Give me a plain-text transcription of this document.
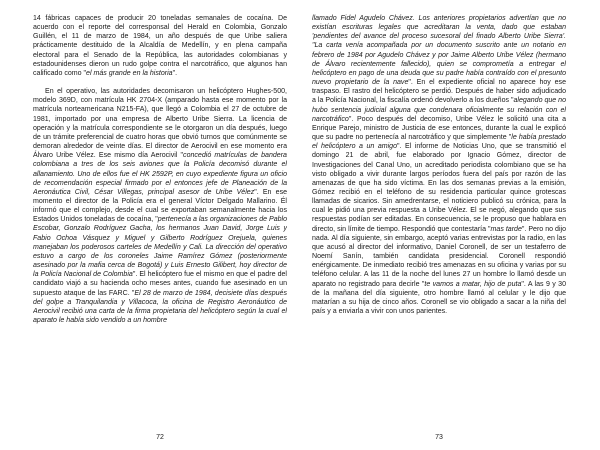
14 fábricas capaces de producir 20 toneladas semanales de cocaína. De acuerdo con el reporte del corresponsal del Herald en Colombia, Gonzalo Guillén, el 11 de marzo de 1984, un año después de que Uribe saliera prácticamente destituido de la Alcaldía de Medellín, y en plena campaña electoral para el Senado de la República, las autoridades colombianas y estadounidenses dieron un rudo golpe contra el narcotráfico, que algunos han calificado como "el más grande en la historia".

En el operativo, las autoridades decomisaron un helicóptero Hughes-500, modelo 369D, con matrícula HK 2704-X (amparado hasta ese momento por la matrícula norteamericana N215-FA), que llegó a Colombia el 27 de octubre de 1981, importado por una empresa de Alberto Uribe Sierra. La licencia de operación y la matrícula correspondiente se le otorgaron un día después, luego de un trámite preferencial de cuatro horas que obvió turnos que comúnmente se demoran alrededor de veinte días. El director de Aerocivil en ese momento era Álvaro Uribe Vélez. Ese mismo día Aerocivil "concedió matrículas de bandera colombiana a tres de los seis aviones que la Policía decomisó durante el allanamiento. Uno de ellos fue el HK 2592P, en cuyo expediente figura un oficio de recomendación especial firmado por el entonces jefe de Planeación de la Aeronáutica Civil, César Villegas, principal asesor de Uribe Vélez". En ese momento el director de la Policía era el general Víctor Delgado Mallarino. Él informó que el complejo, desde el cual se exportaban semanalmente hacia los Estados Unidos toneladas de cocaína, "pertenecía a las organizaciones de Pablo Escobar, Gonzalo Rodríguez Gacha, los hermanos Juan David, Jorge Luis y Fabio Ochoa Vásquez y Miguel y Gilberto Rodríguez Orejuela, quienes manejaban los poderosos carteles de Medellín y Cali. La dirección del operativo estuvo a cargo de los coroneles Jaime Ramírez Gómez (posteriormente asesinado por la mafia cerca de Bogotá) y Luis Ernesto Gilibert, hoy director de la Policía Nacional de Colombia". El helicóptero fue el mismo en que el padre del candidato viajó a su hacienda ocho meses antes, cuando fue asesinado en un supuesto ataque de las FARC. "El 28 de marzo de 1984, decisiete días después del golpe a Tranquilandia y Villacoca, la oficina de Registro Aeronáutico de Aerocivil recibió una carta de la firma propietaria del helicóptero según la cual el aparato le había sido vendido a un hombre

72

llamado Fidel Agudelo Chávez. Los anteriores propietarios advertían que no existían escrituras legales que acreditaran la venta, dado que estaban 'pendientes del avance del proceso sucesoral del finado Alberto Uribe Sierra'. "La carta venía acompañada por un documento suscrito ante un notario en febrero de 1984 por Agudelo Chávez y por Jaime Alberto Uribe Vélez (hermano de Álvaro recientemente fallecido), quien se comprometía a entregar el helicóptero en pago de una deuda que su padre había contraído con el presunto nuevo propietario de la nave". En el expediente oficial no aparece hoy ese traspaso. El rastro del helicóptero se perdió. Después de haber sido adjudicado a la Policía Nacional, la fiscalía ordenó devolverlo a los dueños "alegando que no hubo sentencia judicial alguna que condenara oficialmente su relación con el narcotráfico". Poco después del decomiso, Uribe Vélez le solicitó una cita a Enrique Parejo, ministro de Justicia de ese entonces, durante la cual le explicó que su padre no pertenecía al narcotráfico y que simplemente "le había prestado el helicóptero a un amigo". El informe de Noticias Uno, que se transmitió el domingo 21 de abril, fue elaborado por Ignacio Gómez, director de Investigaciones del Canal Uno, un acreditado periodista colombiano que se ha visto obligado a vivir durante largos períodos fuera del país por razón de las amenazas de que ha sido víctima. En las dos semanas previas a la emisión, Gómez recibió en el teléfono de su residencia particular quince grotescas llamadas de sicarios. Sin amedrentarse, el noticiero publicó su crónica, para la cual le pidió una previa respuesta a Uribe Vélez. El se negó, alegando que sus respuestas podían ser editadas. En consecuencia, se le propuso que hablara en directo, sin límite de tiempo. Respondió que contestaría "mas tarde". Pero no dijo nada. Al día siguiente, sin embargo, aceptó varias entrevistas por la radio, en las que acusó al director del informativo, Daniel Coronell, de ser un testaferro de Noemí Sanín, también candidata presidencial. Coronell respondió enérgicamente. De inmediato recibió tres amenazas en su oficina y varias por su teléfono celular. A las 11 de la noche del lunes 27 un hombre lo llamó desde un aparato no registrado para decirle "te vamos a matar, hijo de puta". A las 9 y 30 de la mañana del día siguiente, otro hombre llamó al celular y le dijo que matarían a su hija de cinco años. Coronell se vio obligado a sacar a la niña del país y a enviarla a vivir con unos parientes.

73
